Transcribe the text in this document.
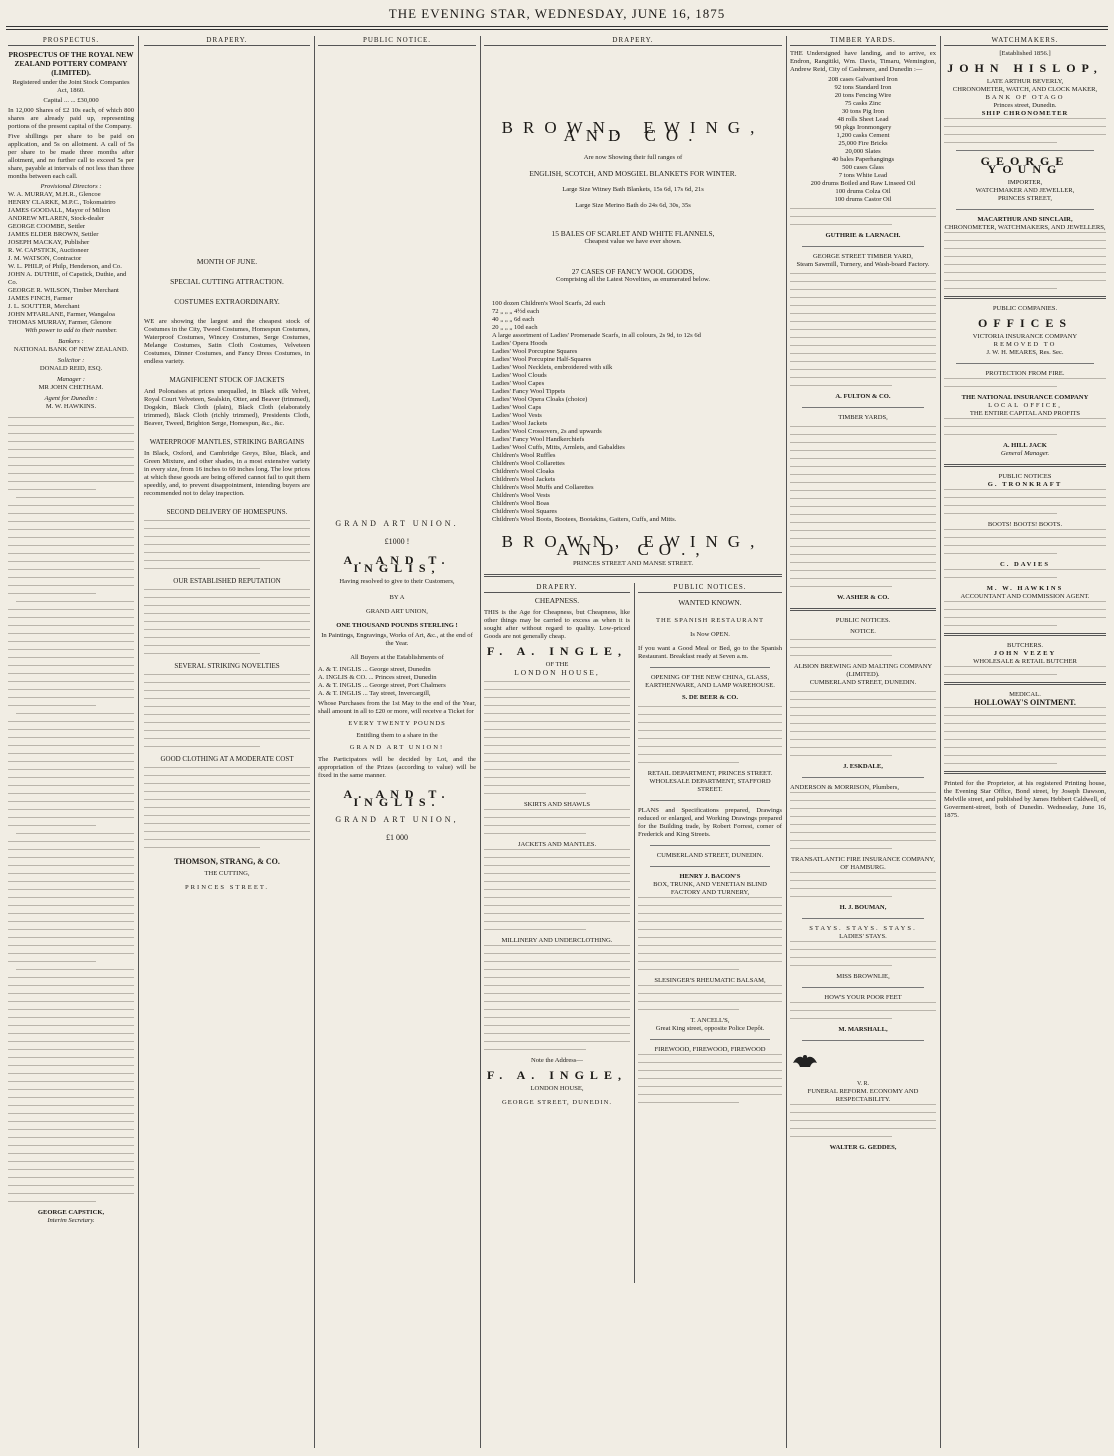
THE EVENING STAR, WEDNESDAY, JUNE 16, 1875
PROSPECTUS.
PROSPECTUS OF THE ROYAL NEW ZEALAND POTTERY COMPANY (LIMITED).

Registered under the Joint Stock Companies Act, 1860.

Capital ... ... £30,000

In 12,000 Shares of £2 10s each, of which 800 shares are already paid up, representing portions of the present capital of the Company.

Five shillings per share to be paid on application, and 5s on allotment. A call of 5s per share to be made three months after allotment, and no further call to exceed 5s per share, payable at intervals of not less than three months between each call.

Provisional Directors :
W. A. MURRAY, M.H.R., Glencoe
HENRY CLARKE, M.P.C., Tokomairiro
JAMES GOODALL, Mayor of Milton
ANDREW M'LAREN, Stock-dealer
GEORGE COOMBE, Settler
JAMES ELDER BROWN, Settler
JOSEPH MACKAY, Publisher
R. W. CAPSTICK, Auctioneer
J. M. WATSON, Contractor
W. L. PHILP, of Philp, Henderson, and Co.
JOHN A. DUTHIE, of Capstick, Duthie, and Co.
GEORGE R. WILSON, Timber Merchant
JAMES FINCH, Farmer
J. L. SOUTTER, Merchant
JOHN M'FARLANE, Farmer, Wangaloa
THOMAS MURRAY, Farmer, Glenore
With power to add to their number.
Bankers :
NATIONAL BANK OF NEW ZEALAND.
Solicitor :
DONALD REID, ESQ.
Manager :
MR JOHN CHETHAM.
Agent for Dunedin :
M. W. HAWKINS.
GEORGE CAPSTICK,
Interim Secretary.
DRAPERY.
MONTH OF JUNE.
SPECIAL CUTTING ATTRACTION.
COSTUMES EXTRAORDINARY.

WE are showing the largest and the cheapest stock of Costumes in the City, Tweed Costumes, Homespun Costumes, Waterproof Costumes, Wincey Costumes, Serge Costumes, Melange Costumes, Satin Cloth Costumes, Velveteen Costumes, Dinner Costumes, and Fancy Dress Costumes, in endless variety.

MAGNIFICENT STOCK OF JACKETS

And Polonaises at prices unequalled, in Black silk Velvet, Royal Court Velveteen, Sealskin, Otter, and Beaver (trimmed), Dogskin, Black Cloth (plain), Black Cloth (elaborately trimmed), Black Cloth (richly trimmed), Presidents Cloth, Beaver, Tweed, Brighton Serge, Homespun, &c., &c.

WATERPROOF MANTLES, STRIKING BARGAINS

In Black, Oxford, and Cambridge Greys, Blue, Black, and Green Mixture, and other shades, in a most extensive variety in every size, from 16 inches to 60 inches long. The low prices at which these goods are being offered cannot fail to quit them speedily, and, to prevent disappointment, intending buyers are recommended not to delay inspection.

SECOND DELIVERY OF HOMESPUNS.
OUR ESTABLISHED REPUTATION
SEVERAL STRIKING NOVELTIES
GOOD CLOTHING AT A MODERATE COST
THOMSON, STRANG, & CO.
THE CUTTING,
PRINCES STREET.
PUBLIC NOTICE.
GRAND ART UNION.
£1000 !
A. AND T. INGLIS,
Having resolved to give to their Customers,
BY A
GRAND ART UNION,
ONE THOUSAND POUNDS STERLING !

In Paintings, Engravings, Works of Art, &c., at the end of the Year.

All Buyers at the Establishments of

A. & T. INGLIS ... George street, Dunedin
A. INGLIS & CO. ... Princes street, Dunedin
A. & T. INGLIS ... George street, Port Chalmers
A. & T. INGLIS ... Tay street, Invercargill,

Whose Purchases from the 1st May to the end of the Year, shall amount in all to £20 or more, will receive a Ticket for

EVERY TWENTY POUNDS
Entitling them to a share in the
GRAND ART UNION!

The Participators will be decided by Lot, and the appropriation of the Prizes (according to value) will be fixed in the same manner.

A. AND T. INGLIS.
GRAND ART UNION,
£1 000
DRAPERY.
BROWN, EWING, AND CO.
Are now Showing their full ranges of
ENGLISH, SCOTCH, AND MOSGIEL BLANKETS FOR WINTER.
Large Size Witney Bath Blankets, 15s 6d, 17s 6d, 21s
Large Size Merino Bath do 24s 6d, 30s, 35s
15 BALES OF SCARLET AND WHITE FLANNELS,
Cheapest value we have ever shown.
27 CASES OF FANCY WOOL GOODS,
Comprising all the Latest Novelties, as enumerated below.
100 dozen Children's Wool Scarfs, 2d each
72 „ „ „ 4½d each
40 „ „ „ 6d each
20 „ „ „ 10d each
A large assortment of Ladies' Promenade Scarfs, in all colours, 2s 9d, to 12s 6d
Ladies' Opera Hoods
Ladies' Wool Porcupine Squares
Ladies' Wool Porcupine Half-Squares
Ladies' Wool Necklets, embroidered with silk
Ladies' Wool Clouds
Ladies' Wool Capes
Ladies' Fancy Wool Tippets
Ladies' Wool Opera Cloaks (choice)
Ladies' Wool Caps
Ladies' Wool Vests
Ladies' Wool Jackets
Ladies' Wool Crossovers, 2s and upwards
Ladies' Fancy Wool Handkerchiefs
Ladies' Wool Cuffs, Mitts, Armlets, and Gabaldies
Children's Wool Ruffles
Children's Wool Collarettes
Children's Wool Cloaks
Children's Wool Jackets
Children's Wool Muffs and Collarettes
Children's Wool Vests
Children's Wool Boas
Children's Wool Squares
Children's Wool Boots, Bootees, Bootakins, Gaiters, Cuffs, and Mitts.
BROWN, EWING, AND CO.,
PRINCES STREET AND MANSE STREET.
DRAPERY.
CHEAPNESS.

THIS is the Age for Cheapness, but Cheapness, like other things may be carried to excess as when it is sought after without regard to quality. Low-priced Goods are not generally cheap.

F. A. INGLE,
OF THE
LONDON HOUSE,
SKIRTS AND SHAWLS
JACKETS AND MANTLES.
MILLINERY AND UNDERCLOTHING.
Note the Address—
F. A. INGLE,
LONDON HOUSE,
GEORGE STREET, DUNEDIN.
PUBLIC NOTICES.
WANTED KNOWN.
THE SPANISH RESTAURANT
Is Now OPEN.

If you want a Good Meal or Bed, go to the Spanish Restaurant. Breakfast ready at Seven a.m.

OPENING OF THE NEW CHINA, GLASS, EARTHENWARE, AND LAMP WAREHOUSE.
S. DE BEER & CO.
RETAIL DEPARTMENT, PRINCES STREET. WHOLESALE DEPARTMENT, STAFFORD STREET.

PLANS and Specifications prepared, Drawings reduced or enlarged, and Working Drawings prepared for the Building trade, by Robert Forrest, corner of Frederick and King Streets.

CUMBERLAND STREET, DUNEDIN.
HENRY J. BACON'S
BOX, TRUNK, AND VENETIAN BLIND FACTORY AND TURNERY,
SLESINGER'S RHEUMATIC BALSAM,
T. ANCELL'S,
Great King street, opposite Police Depôt.
FIREWOOD, FIREWOOD, FIREWOOD
TIMBER YARDS.

THE Undersigned have landing, and to arrive, ex Endron, Rangitiki, Wm. Davis, Timaru, Wemington, Andrew Reid, City of Cashmere, and Dunedin :—

208 cases Galvanised Iron
92 tons Standard Iron
20 tons Fencing Wire
75 casks Zinc
30 tons Pig Iron
48 rolls Sheet Lead
90 pkgs Ironmongery
1,200 casks Cement
25,000 Fire Bricks
20,000 Slates
40 bales Paperhangings
500 cases Glass
7 tons White Lead
200 drums Boiled and Raw Linseed Oil
100 drums Colza Oil
100 drums Castor Oil
GUTHRIE & LARNACH.
GEORGE STREET TIMBER YARD,
Steam Sawmill, Turnery, and Wash-board Factory.
A. FULTON & CO.
TIMBER YARDS,
W. ASHER & CO.
PUBLIC NOTICES.
NOTICE.
ALBION BREWING AND MALTING COMPANY (LIMITED).
CUMBERLAND STREET, DUNEDIN.
J. ESKDALE,
ANDERSON & MORRISON, Plumbers,
TRANSATLANTIC FIRE INSURANCE COMPANY, OF HAMBURG.
H. J. BOUMAN,
STAYS. STAYS. STAYS.
LADIES' STAYS.
MISS BROWNLIE,
HOW'S YOUR POOR FEET
M. MARSHALL,
V. R.
FUNERAL REFORM. ECONOMY AND RESPECTABILITY.
WALTER G. GEDDES,
WATCHMAKERS.
[Established 1856.]
JOHN HISLOP,
LATE ARTHUR BEVERLY,
CHRONOMETER, WATCH, AND CLOCK MAKER,
BANK OF OTAGO
Princes street, Dunedin.
SHIP CHRONOMETER
GEORGE YOUNG
IMPORTER,
WATCHMAKER AND JEWELLER,
PRINCES STREET,
MACARTHUR AND SINCLAIR,
CHRONOMETER, WATCHMAKERS, AND JEWELLERS,
PUBLIC COMPANIES.
OFFICES
VICTORIA INSURANCE COMPANY
REMOVED TO
J. W. H. MEARES, Res. Sec.
PROTECTION FROM FIRE.
THE NATIONAL INSURANCE COMPANY
LOCAL OFFICE,
THE ENTIRE CAPITAL AND PROFITS
A. HILL JACK
General Manager.
PUBLIC NOTICES
G. TRONKRAFT
BOOTS! BOOTS! BOOTS.
C. DAVIES
M. W. HAWKINS
ACCOUNTANT AND COMMISSION AGENT.
BUTCHERS.
JOHN VEZEY
WHOLESALE & RETAIL BUTCHER
MEDICAL.
HOLLOWAY'S OINTMENT.

Printed for the Proprietor, at his registered Printing house, the Evening Star Office, Bond street, by Joseph Dawson, Melville street, and published by James Hebbert Caldwell, of Goverment-street, both of Dunedin. Wednesday, June 16, 1875.
